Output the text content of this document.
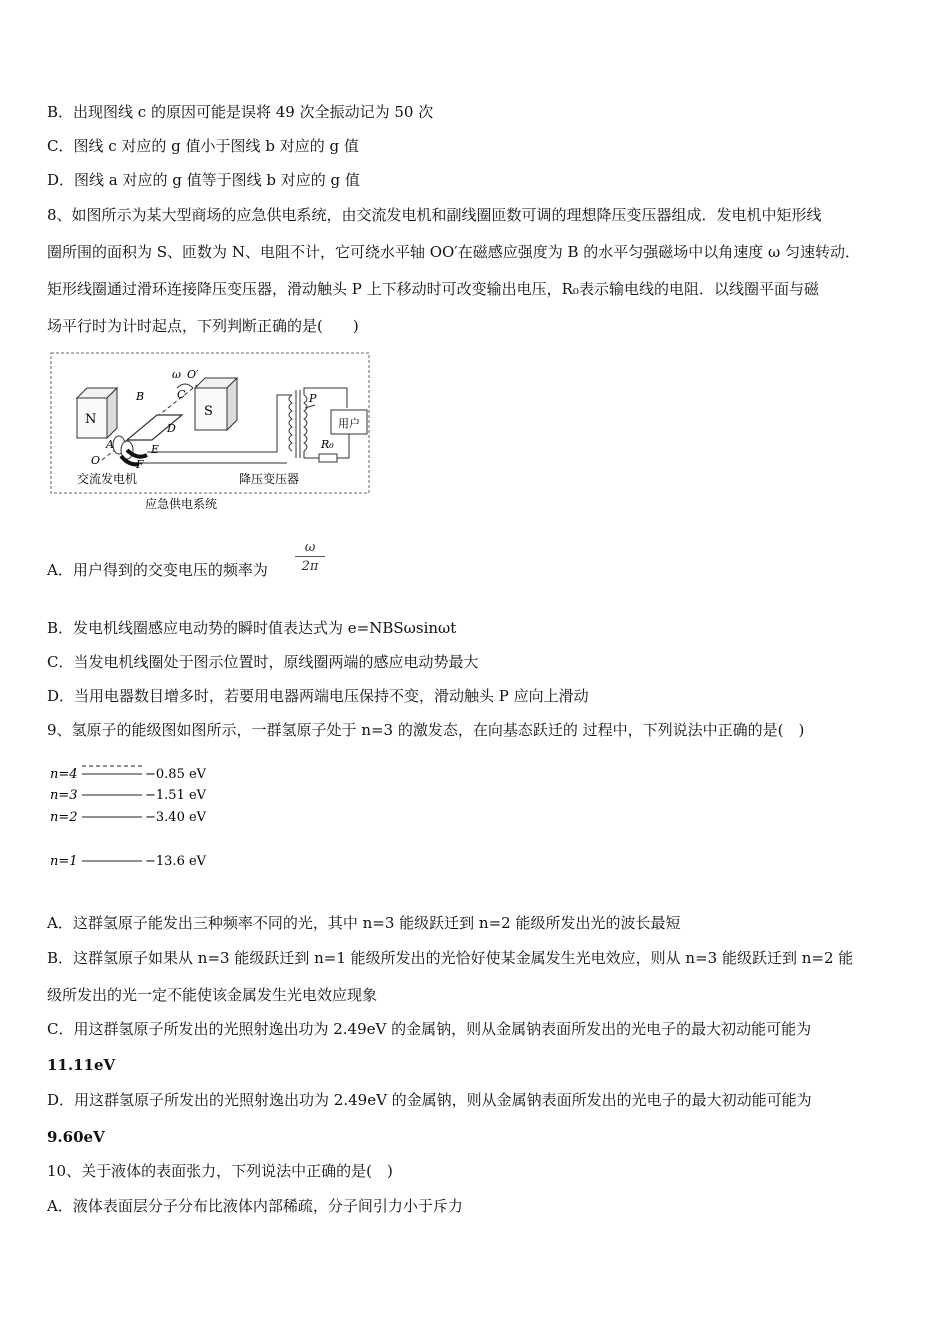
B．出现图线 c 的原因可能是误将 49 次全振动记为 50 次
C．图线 c 对应的 g 值小于图线 b 对应的 g 值
D．图线 a 对应的 g 值等于图线 b 对应的 g 值
8、如图所示为某大型商场的应急供电系统，由交流发电机和副线圈匝数可调的理想降压变压器组成．发电机中矩形线
圈所围的面积为 S、匝数为 N、电阻不计，它可绕水平轴 OO′在磁感应强度为 B 的水平匀强磁场中以角速度 ω 匀速转动．
矩形线圈通过滑环连接降压变压器，滑动触头 P 上下移动时可改变输出电压，R₀表示输电线的电阻．以线圈平面与磁
场平行时为计时起点，下列判断正确的是(　　)
N
S
A
B	C
D
E
F
ω O′
O
P
用户
R₀
交流发电机	降压变压器
应急供电系统
A．用户得到的交变电压的频率为 $\frac{\omega}{2\pi}$
B．发电机线圈感应电动势的瞬时值表达式为 e=NBSωsinωt
C．当发电机线圈处于图示位置时，原线圈两端的感应电动势最大
D．当用电器数目增多时，若要用电器两端电压保持不变，滑动触头 P 应向上滑动
9、氢原子的能级图如图所示，一群氢原子处于 n=3 的激发态，在向基态跃迁的 过程中，下列说法中正确的是(　)
n=4	−0.85 eV
n=3	−1.51 eV
n=2	−3.40 eV
n=1	−13.6 eV
A．这群氢原子能发出三种频率不同的光，其中 n=3 能级跃迁到 n=2 能级所发出光的波长最短
B．这群氢原子如果从 n=3 能级跃迁到 n=1 能级所发出的光恰好使某金属发生光电效应，则从 n=3 能级跃迁到 n=2 能
级所发出的光一定不能使该金属发生光电效应现象
C．用这群氢原子所发出的光照射逸出功为 2.49eV 的金属钠，则从金属钠表面所发出的光电子的最大初动能可能为
11.11eV
D．用这群氢原子所发出的光照射逸出功为 2.49eV 的金属钠，则从金属钠表面所发出的光电子的最大初动能可能为
9.60eV
10、关于液体的表面张力，下列说法中正确的是(　)
A．液体表面层分子分布比液体内部稀疏，分子间引力小于斥力
